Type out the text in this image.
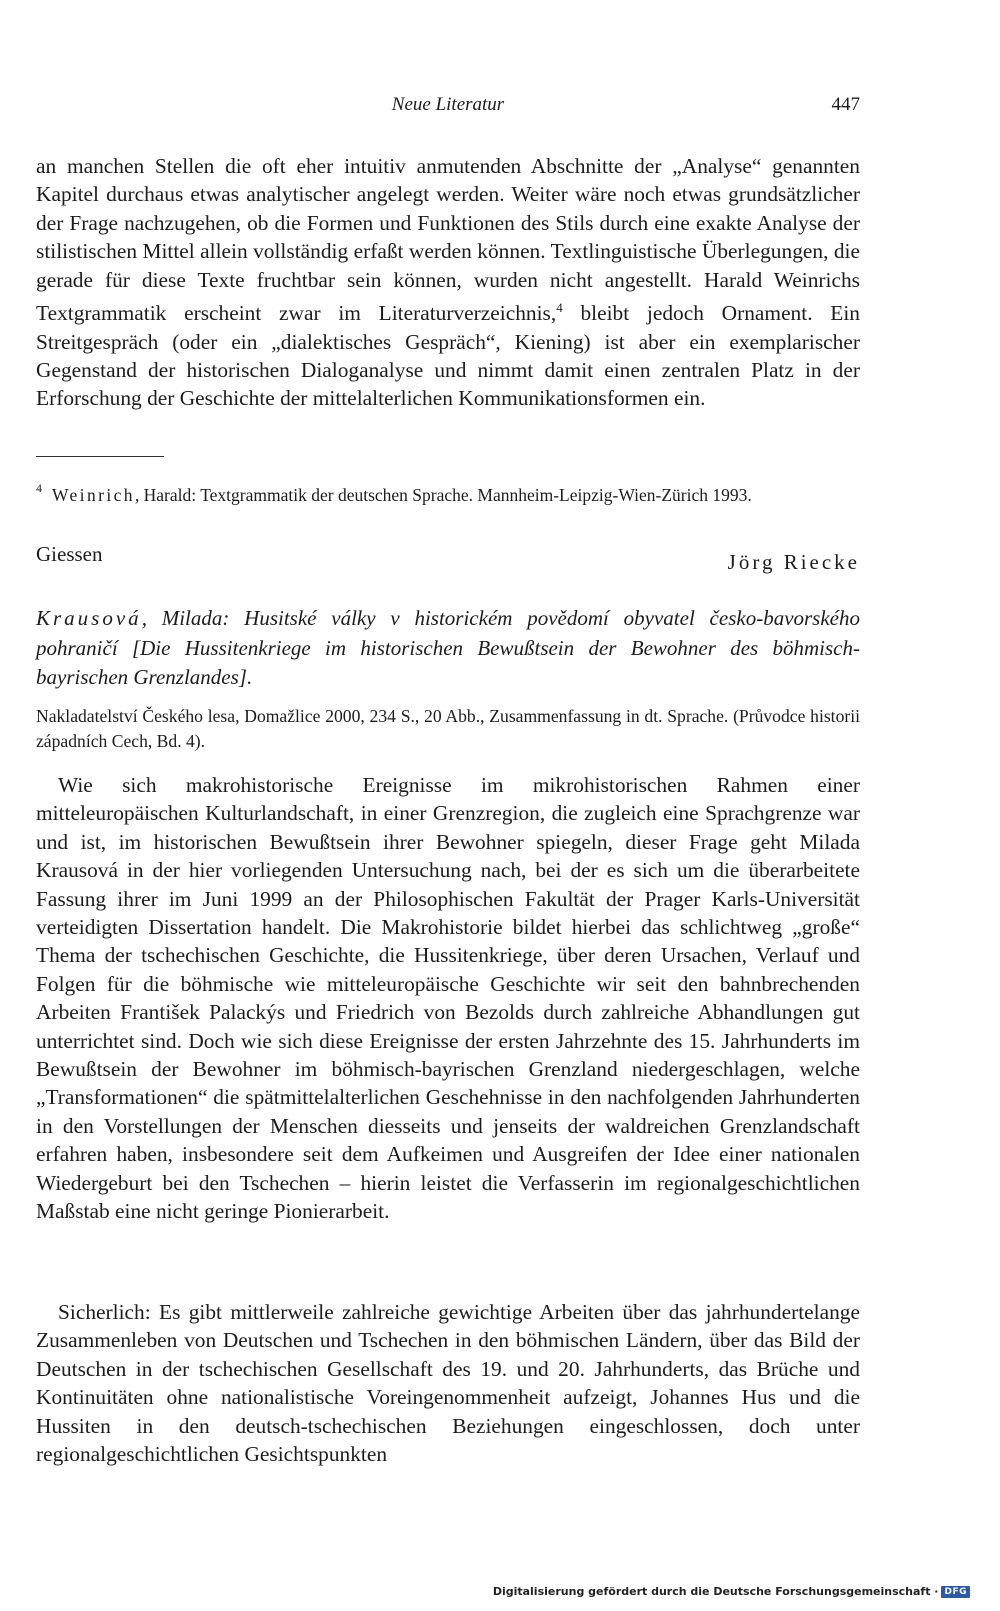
Neue Literatur	447

an manchen Stellen die oft eher intuitiv anmutenden Abschnitte der „Analyse“ genannten Kapitel durchaus etwas analytischer angelegt werden. Weiter wäre noch etwas grundsätzlicher der Frage nachzugehen, ob die Formen und Funktionen des Stils durch eine exakte Analyse der stilistischen Mittel allein vollständig erfaßt werden können. Textlinguistische Überlegungen, die gerade für diese Texte fruchtbar sein können, wurden nicht angestellt. Harald Weinrichs Textgrammatik erscheint zwar im Literaturverzeichnis,$^4$ bleibt jedoch Ornament. Ein Streitgespräch (oder ein „dialektisches Gespräch“, Kiening) ist aber ein exemplarischer Gegenstand der historischen Dialoganalyse und nimmt damit einen zentralen Platz in der Erforschung der Geschichte der mittelalterlichen Kommunikationsformen ein.

$^4$ Weinrich, Harald: Textgrammatik der deutschen Sprache. Mannheim-Leipzig-Wien-Zürich 1993.

Giessen	Jörg Riecke

Krausová, Milada: Husitské války v historickém povědomí obyvatel česko-bavorského pohraničí [Die Hussitenkriege im historischen Bewußtsein der Bewohner des böhmisch-bayrischen Grenzlandes].

Nakladatelství Českého lesa, Domažlice 2000, 234 S., 20 Abb., Zusammenfassung in dt. Sprache. (Průvodce historii západních Cech, Bd. 4).

Wie sich makrohistorische Ereignisse im mikrohistorischen Rahmen einer mitteleuropäischen Kulturlandschaft, in einer Grenzregion, die zugleich eine Sprachgrenze war und ist, im historischen Bewußtsein ihrer Bewohner spiegeln, dieser Frage geht Milada Krausová in der hier vorliegenden Untersuchung nach, bei der es sich um die überarbeitete Fassung ihrer im Juni 1999 an der Philosophischen Fakultät der Prager Karls-Universität verteidigten Dissertation handelt. Die Makrohistorie bildet hierbei das schlichtweg „große“ Thema der tschechischen Geschichte, die Hussitenkriege, über deren Ursachen, Verlauf und Folgen für die böhmische wie mitteleuropäische Geschichte wir seit den bahnbrechenden Arbeiten František Palackýs und Friedrich von Bezolds durch zahlreiche Abhandlungen gut unterrichtet sind. Doch wie sich diese Ereignisse der ersten Jahrzehnte des 15. Jahrhunderts im Bewußtsein der Bewohner im böhmisch-bayrischen Grenzland niedergeschlagen, welche „Transformationen“ die spätmittelalterlichen Geschehnisse in den nachfolgenden Jahrhunderten in den Vorstellungen der Menschen diesseits und jenseits der waldreichen Grenzlandschaft erfahren haben, insbesondere seit dem Aufkeimen und Ausgreifen der Idee einer nationalen Wiedergeburt bei den Tschechen – hierin leistet die Verfasserin im regionalgeschichtlichen Maßstab eine nicht geringe Pionierarbeit.

Sicherlich: Es gibt mittlerweile zahlreiche gewichtige Arbeiten über das jahrhundertelange Zusammenleben von Deutschen und Tschechen in den böhmischen Ländern, über das Bild der Deutschen in der tschechischen Gesellschaft des 19. und 20. Jahrhunderts, das Brüche und Kontinuitäten ohne nationalistische Voreingenommenheit aufzeigt, Johannes Hus und die Hussiten in den deutsch-tschechischen Beziehungen eingeschlossen, doch unter regionalgeschichtlichen Gesichtspunkten

Digitalisierung gefördert durch die Deutsche Forschungsgemeinschaft · DFG
